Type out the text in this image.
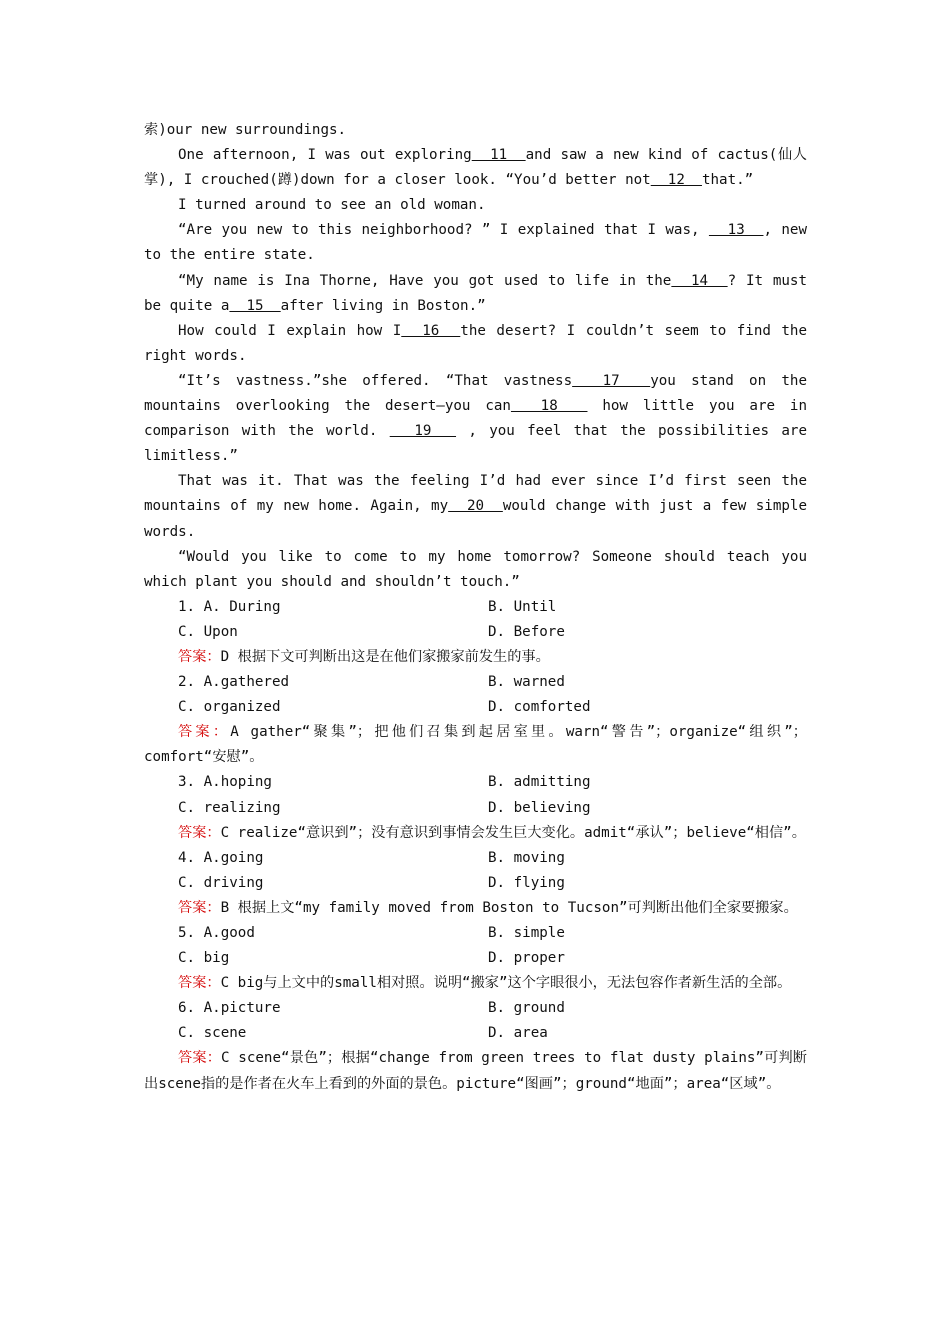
索)our new surroundings.

One afternoon, I was out exploring  11  and saw a new kind of cactus(仙人掌), I crouched(蹲)down for a closer look. “You’d better not  12  that.”

I turned around to see an old woman.

“Are you new to this neighborhood? ” I explained that I was,   13  , new to the entire state.

“My name is Ina Thorne, Have you got used to life in the  14  ? It must be quite a  15  after living in Boston.”

How could I explain how I  16  the desert? I couldn’t seem to find the right words.

“It’s vastness.”she offered. “That vastness  17  you stand on the mountains overlooking the desert—you can  18   how little you are in comparison with the world.   19   , you feel that the possibilities are limitless.”

That was it. That was the feeling I’d had ever since I’d first seen the mountains of my new home. Again, my  20  would change with just a few simple words.

“Would you like to come to my home tomorrow? Someone should teach you which plant you should and shouldn’t touch.”

1. A. During	B. Until
C. Upon	D. Before

答案：D 根据下文可判断出这是在他们家搬家前发生的事。

2. A.gathered	B. warned
C. organized	D. comforted

答案：A gather“聚集”；把他们召集到起居室里。warn“警告”；organize“组织”；comfort“安慰”。

3. A.hoping	B. admitting
C. realizing	D. believing

答案：C realize“意识到”；没有意识到事情会发生巨大变化。admit“承认”；believe“相信”。

4. A.going	B. moving
C. driving	D. flying

答案：B 根据上文“my family moved from Boston to Tucson”可判断出他们全家要搬家。

5. A.good	B. simple
C. big	D. proper

答案：C big与上文中的small相对照。说明“搬家”这个字眼很小，无法包容作者新生活的全部。

6. A.picture	B. ground
C. scene	D. area

答案：C scene“景色”；根据“change from green trees to flat dusty plains”可判断出scene指的是作者在火车上看到的外面的景色。picture“图画”；ground“地面”；area“区域”。
